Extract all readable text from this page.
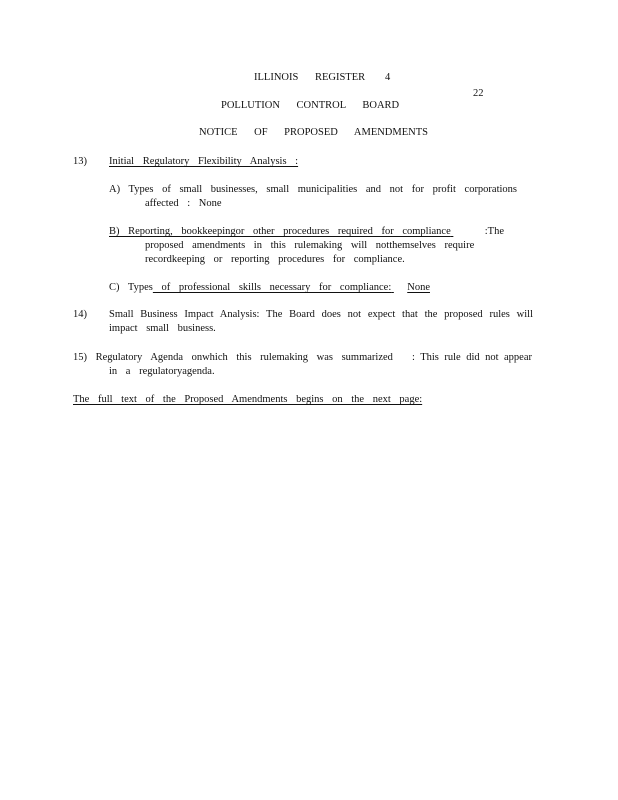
ILLINOIS REGISTER 4
22
POLLUTION CONTROL BOARD
NOTICE OF PROPOSED AMENDMENTS
13) Initial Regulatory Flexibility Analysis :
A) Types of small businesses, small municipalities and not for profit corporations
affected : None
B) Reporting, bookkeepingor other procedures required for compliance	:The
proposed amendments in this rulemaking will notthemselves require
recordkeeping or reporting procedures for compliance.
C) Types of professional skills necessary for compliance: None
14) Small Business Impact Analysis: The Board does not expect that the proposed rules will
impact small business.
15) Regulatory Agenda onwhich this rulemaking was summarized : This rule did not appear
in a regulatoryagenda.
The full text of the Proposed Amendments begins on the next page:
